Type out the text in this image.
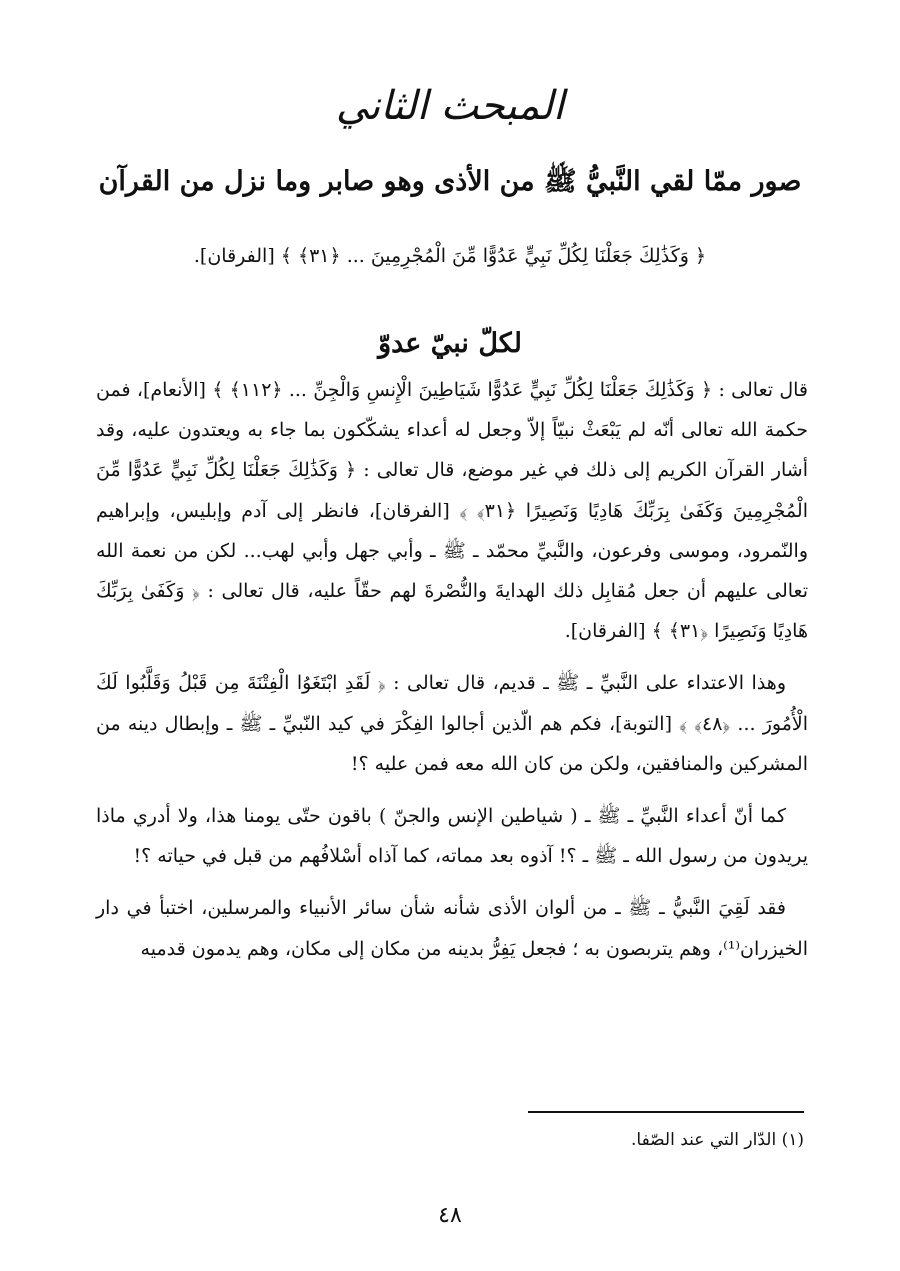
المبحث الثاني
صور ممّا لقي النَّبيُّ ﷺ من الأذى وهو صابر وما نزل من القرآن
﴿ وَكَذَٰلِكَ جَعَلْنَا لِكُلِّ نَبِيٍّ عَدُوًّا مِّنَ الْمُجْرِمِينَ ... ﴿٣١﴾ ﴾ [الفرقان].
لكلّ نبيّ عدوّ

قال تعالى : ﴿ وَكَذَٰلِكَ جَعَلْنَا لِكُلِّ نَبِيٍّ عَدُوًّا شَيَاطِينَ الْإِنسِ وَالْجِنِّ ... ﴿١١٢﴾ ﴾ [الأنعام]، فمن حكمة الله تعالى أنّه لم يَبْعَثْ نبيّاً إلاّ وجعل له أعداء يشكّكون بما جاء به ويعتدون عليه، وقد أشار القرآن الكريم إلى ذلك في غير موضع، قال تعالى : ﴿ وَكَذَٰلِكَ جَعَلْنَا لِكُلِّ نَبِيٍّ عَدُوًّا مِّنَ الْمُجْرِمِينَ وَكَفَىٰ بِرَبِّكَ هَادِيًا وَنَصِيرًا ﴿٣١﴾ ﴾ [الفرقان]، فانظر إلى آدم وإبليس، وإبراهيم والنّمرود، وموسى وفرعون، والنَّبيِّ محمّد ـ ﷺ ـ وأبي جهل وأبي لهب... لكن من نعمة الله تعالى عليهم أن جعل مُقابِل ذلك الهدايةَ والنُّصْرةَ لهم حقّاً عليه، قال تعالى : ﴿ وَكَفَىٰ بِرَبِّكَ هَادِيًا وَنَصِيرًا ﴿٣١﴾ ﴾ [الفرقان].

وهذا الاعتداء على النَّبيِّ ـ ﷺ ـ قديم، قال تعالى : ﴿ لَقَدِ ابْتَغَوُا الْفِتْنَةَ مِن قَبْلُ وَقَلَّبُوا لَكَ الْأُمُورَ ... ﴿٤٨﴾ ﴾ [التوبة]، فكم هم الّذين أجالوا الفِكْرَ في كيد النّبيِّ ـ ﷺ ـ وإبطال دينه من المشركين والمنافقين، ولكن من كان الله معه فمن عليه ؟!

كما أنّ أعداء النَّبيِّ ـ ﷺ ـ ( شياطين الإنس والجنّ ) باقون حتّى يومنا هذا، ولا أدري ماذا يريدون من رسول الله ـ ﷺ ـ ؟! آذوه بعد مماته، كما آذاه أسْلافُهم من قبل في حياته ؟!

فقد لَقِيَ النَّبيُّ ـ ﷺ ـ من ألوان الأذى شأنه شأن سائر الأنبياء والمرسلين، اختبأ في دار الخيزران⁽¹⁾، وهم يتربصون به ؛ فجعل يَفِرُّ بدينه من مكان إلى مكان، وهم يدمون قدميه

(١) الدّار التي عند الصّفا.
٤٨
